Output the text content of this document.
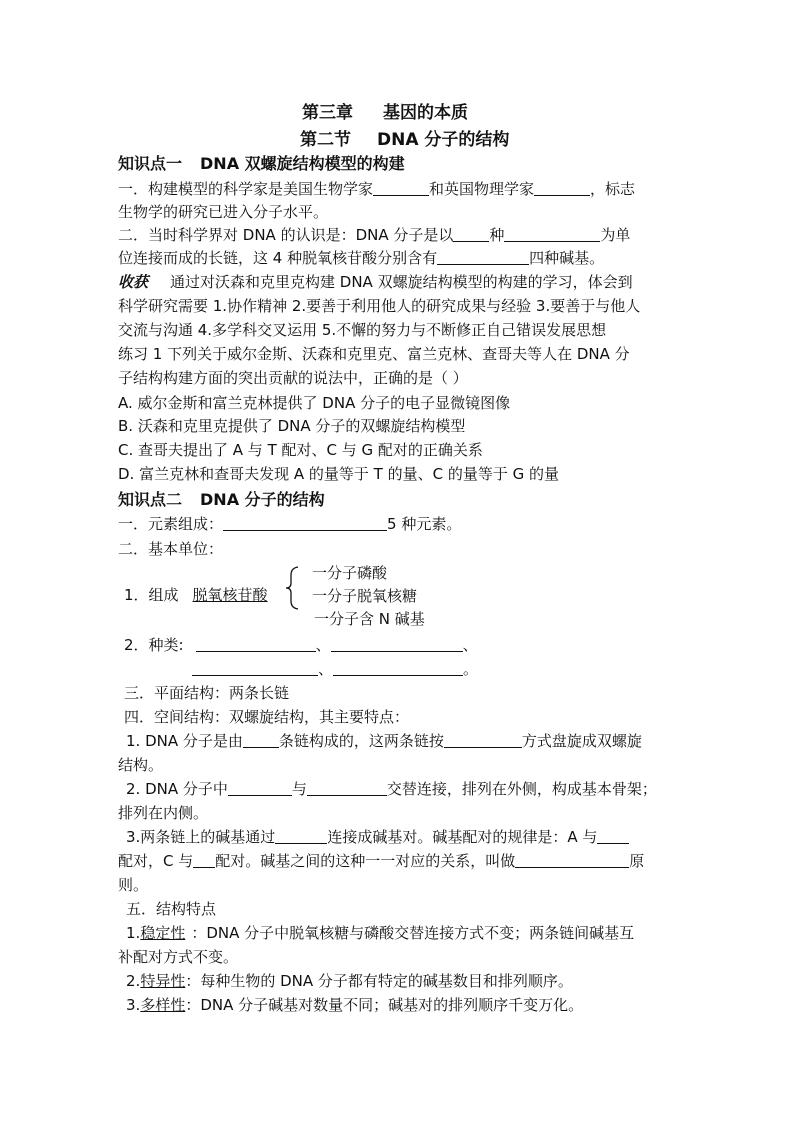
第三章 基因的本质
第二节 DNA 分子的结构
知识点一 DNA 双螺旋结构模型的构建
一．构建模型的科学家是美国生物学家	和英国物理学家	，标志
生物学的研究已进入分子水平。
二．当时科学界对 DNA 的认识是：DNA 分子是以 种	为单
位连接而成的长链，这 4 种脱氧核苷酸分别含有	四种碱基。
收获 通过对沃森和克里克构建 DNA 双螺旋结构模型的构建的学习，体会到
科学研究需要 1.协作精神 2.要善于利用他人的研究成果与经验 3.要善于与他人
交流与沟通 4.多学科交叉运用 5.不懈的努力与不断修正自己错误发展思想
练习 1 下列关于威尔金斯、沃森和克里克、富兰克林、查哥夫等人在 DNA 分
子结构构建方面的突出贡献的说法中，正确的是（ ）
A. 威尔金斯和富兰克林提供了 DNA 分子的电子显微镜图像
B. 沃森和克里克提供了 DNA 分子的双螺旋结构模型
C. 查哥夫提出了 A 与 T 配对、C 与 G 配对的正确关系
D. 富兰克林和查哥夫发现 A 的量等于 T 的量、C 的量等于 G 的量
知识点二 DNA 分子的结构
一．元素组成：	5 种元素。
二．基本单位：
1．组成 脱氧核苷酸
一分子磷酸
一分子脱氧核糖
一分子含 N 碱基
2．种类:	、	、
、	。
三．平面结构：两条长链
四．空间结构：双螺旋结构，其主要特点：
1. DNA 分子是由 条链构成的，这两条链按	方式盘旋成双螺旋
结构。
2. DNA 分子中	与	交替连接，排列在外侧，构成基本骨架；
排列在内侧。
3.两条链上的碱基通过	连接成碱基对。碱基配对的规律是：A 与
配对，C 与 配对。碱基之间的这种一一对应的关系，叫做	原
则。
五．结构特点
1.稳定性 ：DNA 分子中脱氧核糖与磷酸交替连接方式不变；两条链间碱基互
补配对方式不变。
2.特异性：每种生物的 DNA 分子都有特定的碱基数目和排列顺序。
3.多样性：DNA 分子碱基对数量不同；碱基对的排列顺序千变万化。
